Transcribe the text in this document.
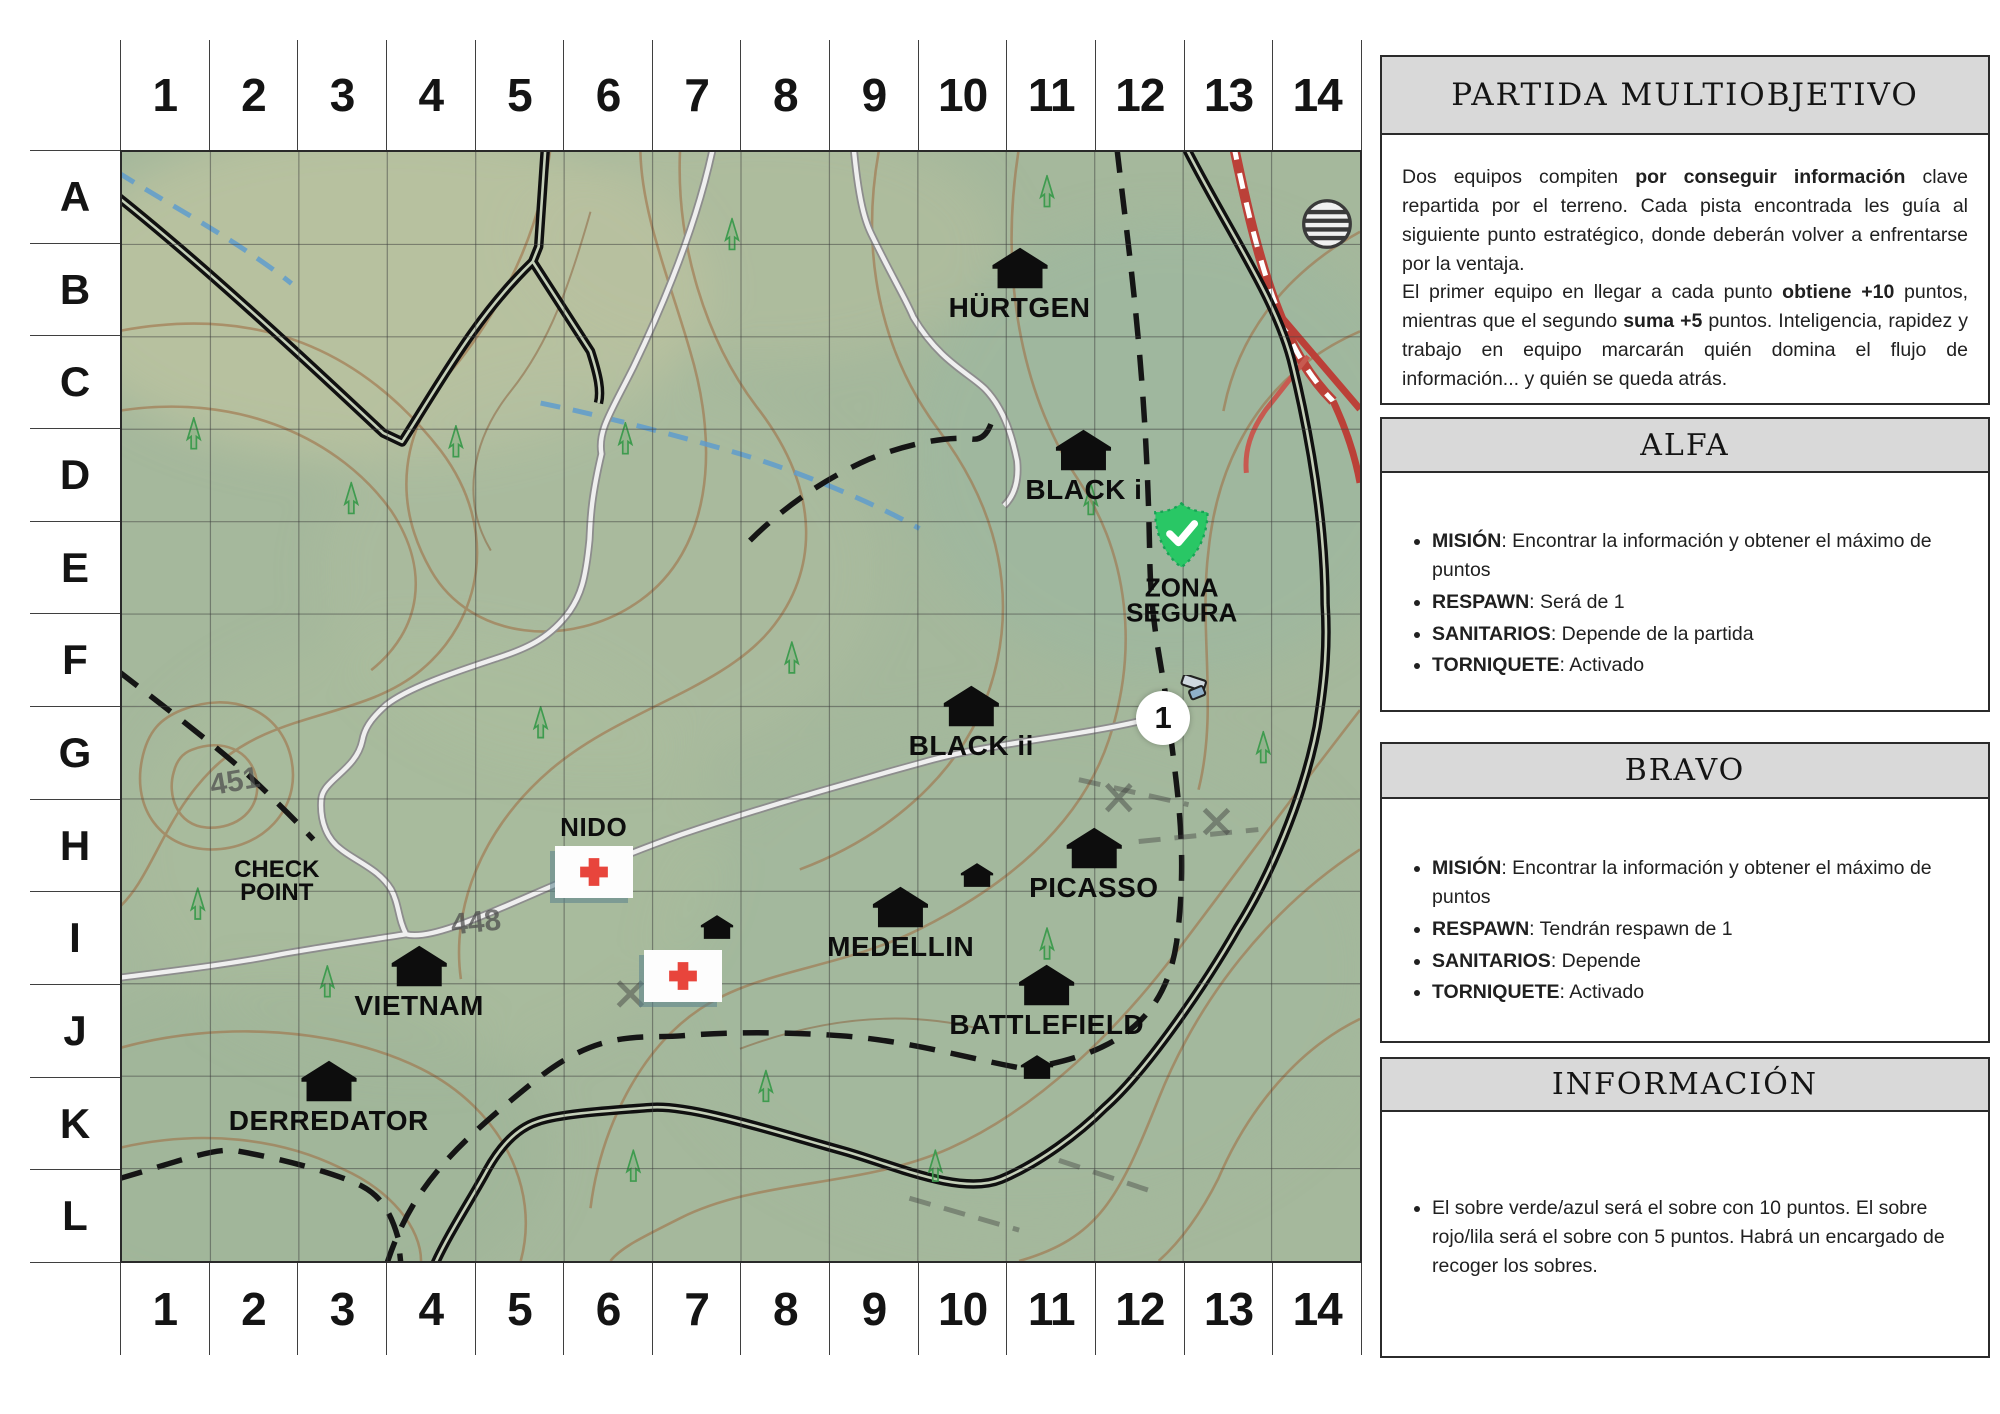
1	2	3	4	5	6	7	8	9	10 11 12 13 14
1	2	3	4	5	6	7	8	9	10 11 12 13 14
A
B
C
D
E
F
G
H
I
J
K
L
HÜRTGEN
BLACK i
ZONA
SEGURA
1
BLACK ii
PICASSO
MEDELLIN
BATTLEFIELD
VIETNAM
DERREDATOR
NIDO
CHECK
POINT
451
448
PARTIDA MULTIOBJETIVO

Dos equipos compiten por conseguir información clave repartida por el terreno. Cada pista encontrada les guía al siguiente punto estratégico, donde deberán volver a enfrentarse por la ventaja.

El primer equipo en llegar a cada punto obtiene +10 puntos, mientras que el segundo suma +5 puntos. Inteligencia, rapidez y trabajo en equipo marcarán quién domina el flujo de información... y quién se queda atrás.

ALFA
• MISIÓN: Encontrar la información y obtener el máximo de puntos
• RESPAWN: Será de 1
• SANITARIOS: Depende de la partida
• TORNIQUETE: Activado
BRAVO
• MISIÓN: Encontrar la información y obtener el máximo de puntos
• RESPAWN: Tendrán respawn de 1
• SANITARIOS: Depende
• TORNIQUETE: Activado
INFORMACIÓN
• El sobre verde/azul será el sobre con 10 puntos. El sobre rojo/lila será el sobre con 5 puntos. Habrá un encargado de recoger los sobres.
